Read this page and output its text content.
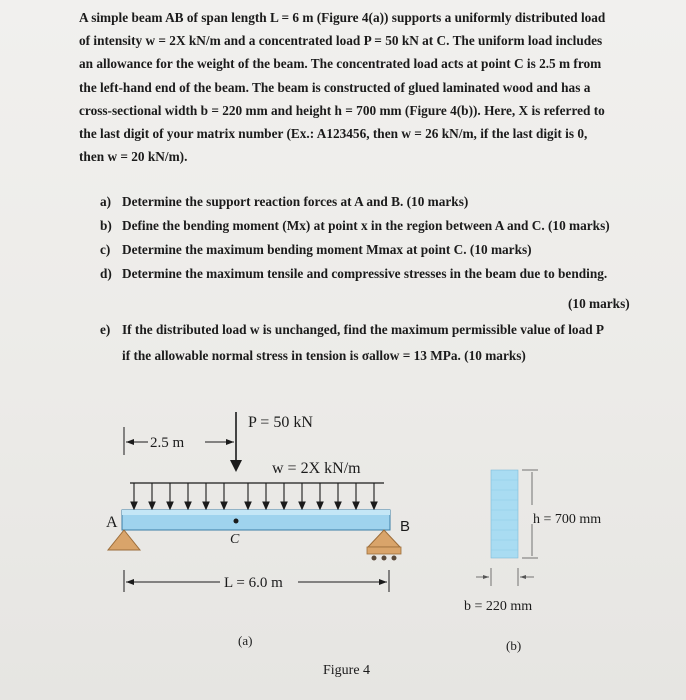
A simple beam AB of span length L = 6 m (Figure 4(a)) supports a uniformly distributed load
of intensity w = 2X kN/m and a concentrated load P = 50 kN at C. The uniform load includes
an allowance for the weight of the beam. The concentrated load acts at point C is 2.5 m from
the left-hand end of the beam. The beam is constructed of glued laminated wood and has a
cross-sectional width b = 220 mm and height h = 700 mm (Figure 4(b)). Here, X is referred to
the last digit of your matrix number (Ex.: A123456, then w = 26 kN/m, if the last digit is 0,
then w = 20 kN/m).

a) Determine the support reaction forces at A and B. (10 marks)
b) Define the bending moment (Mx) at point x in the region between A and C. (10 marks)
c) Determine the maximum bending moment Mmax at point C. (10 marks)
d) Determine the maximum tensile and compressive stresses in the beam due to bending.
(10 marks)
e) If the distributed load w is unchanged, find the maximum permissible value of load P
if the allowable normal stress in tension is σallow = 13 MPa. (10 marks)
P = 50 kN
2.5 m
w = 2X kN/m
A	B
C
L = 6.0 m
(a)
h = 700 mm
b = 220 mm
(b)
Figure 4
